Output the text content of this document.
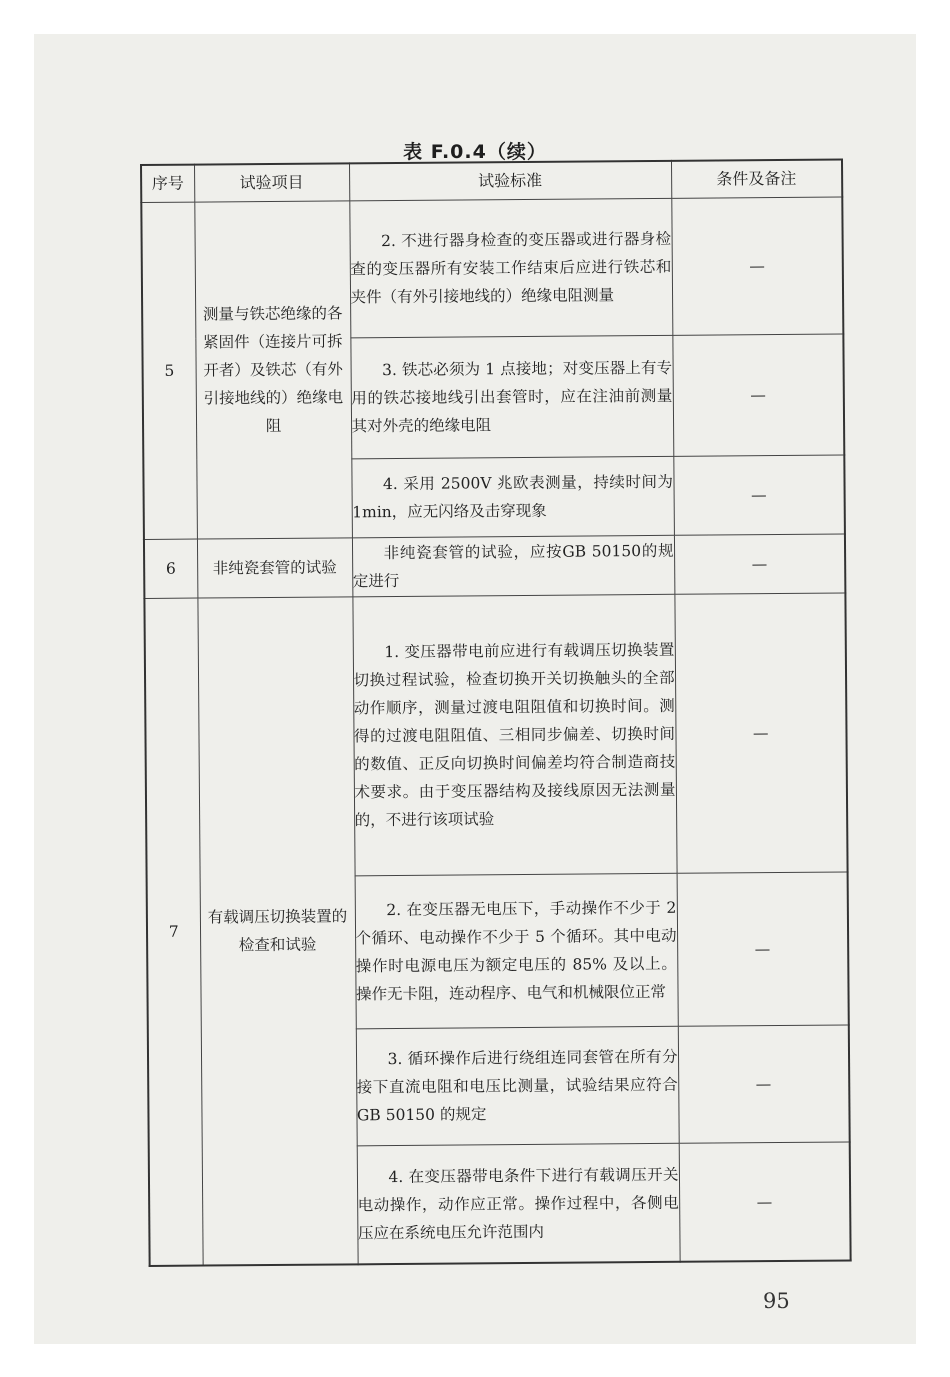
表 F.0.4（续）
序号	试验项目	试验标准	条件及备注
5	测量与铁芯绝缘的各紧固件（连接片可拆开者）及铁芯（有外引接地线的）绝缘电阻	2. 不进行器身检查的变压器或进行器身检查的变压器所有安装工作结束后应进行铁芯和夹件（有外引接地线的）绝缘电阻测量	—

		3. 铁芯必须为 1 点接地；对变压器上有专用的铁芯接地线引出套管时，应在注油前测量其对外壳的绝缘电阻	—

		4. 采用 2500V 兆欧表测量，持续时间为 1min，应无闪络及击穿现象	—
6	非纯瓷套管的试验	非纯瓷套管的试验，应按GB 50150的规定进行	—
7	有载调压切换装置的检查和试验	1. 变压器带电前应进行有载调压切换装置切换过程试验，检查切换开关切换触头的全部动作顺序，测量过渡电阻阻值和切换时间。测得的过渡电阻阻值、三相同步偏差、切换时间的数值、正反向切换时间偏差均符合制造商技术要求。由于变压器结构及接线原因无法测量的，不进行该项试验	—

		2. 在变压器无电压下，手动操作不少于 2 个循环、电动操作不少于 5 个循环。其中电动操作时电源电压为额定电压的 85% 及以上。操作无卡阻，连动程序、电气和机械限位正常	—

		3. 循环操作后进行绕组连同套管在所有分接下直流电阻和电压比测量，试验结果应符合 GB 50150 的规定	—

		4. 在变压器带电条件下进行有载调压开关电动操作，动作应正常。操作过程中，各侧电压应在系统电压允许范围内	—
95
